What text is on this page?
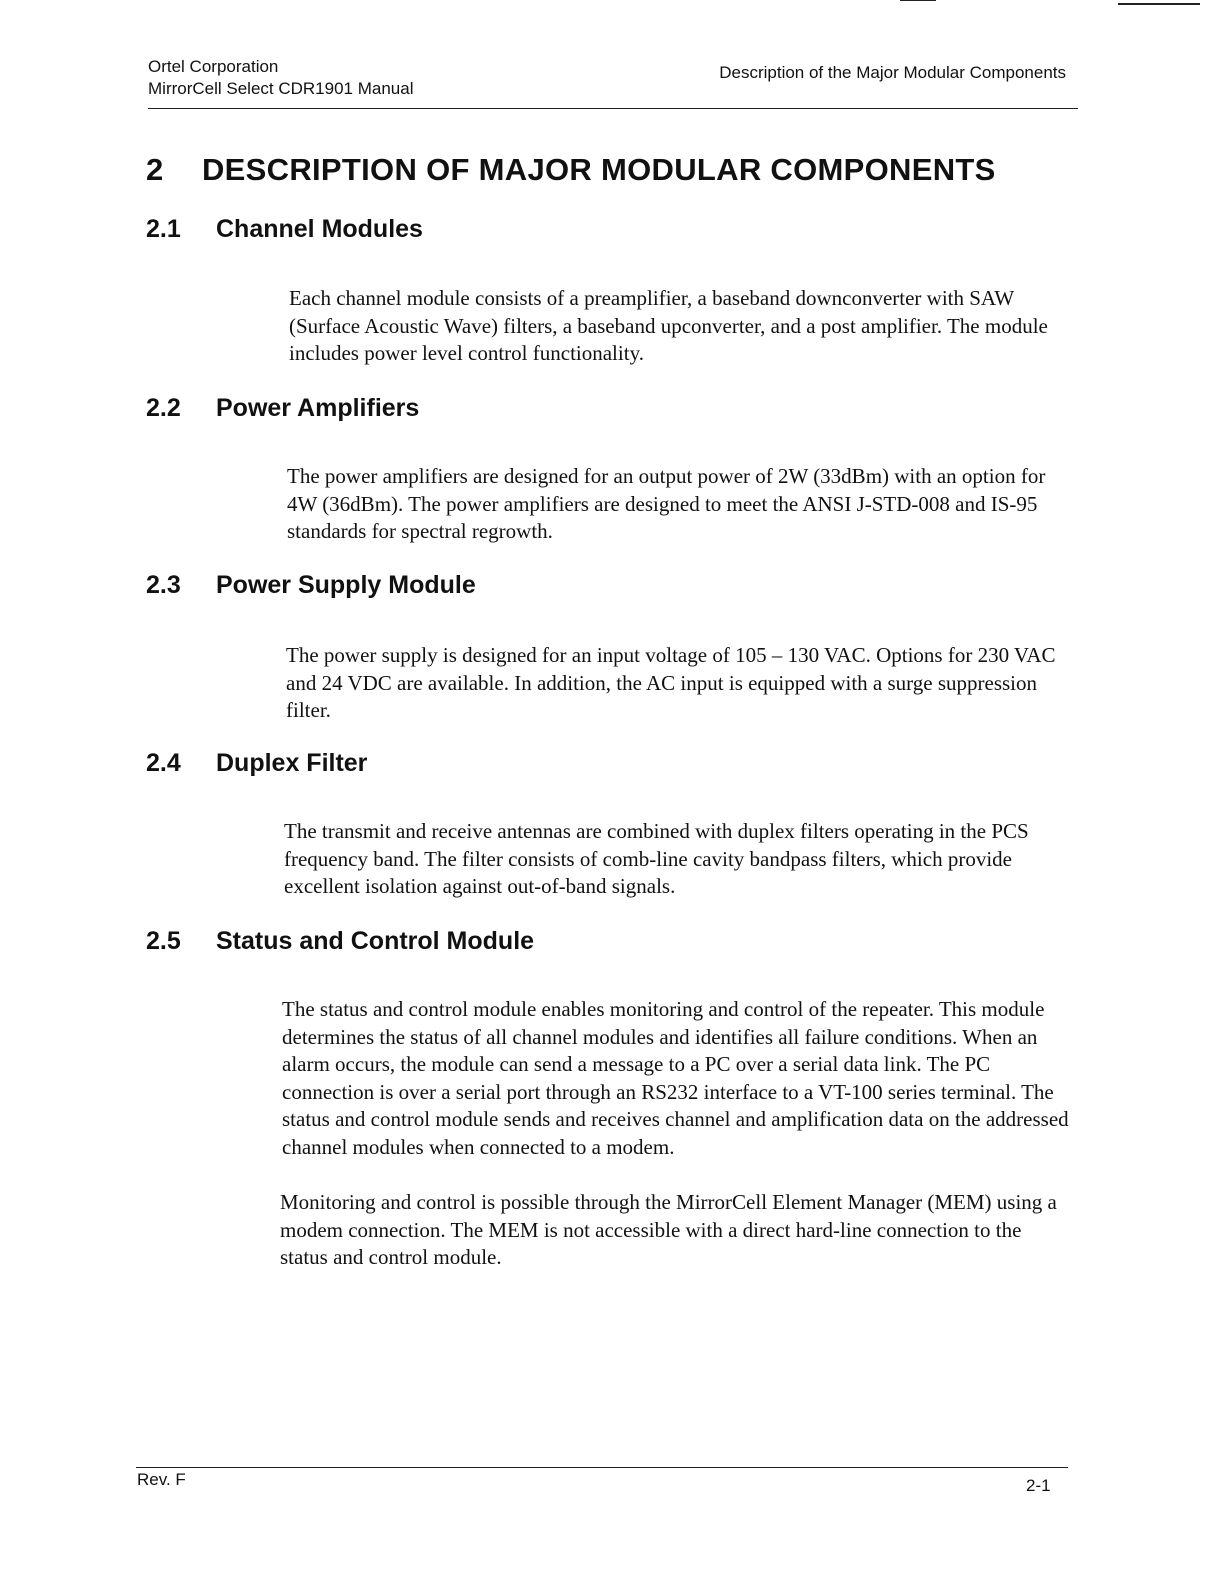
Ortel Corporation
MirrorCell Select CDR1901 Manual
Description of the Major Modular Components
2 DESCRIPTION OF MAJOR MODULAR COMPONENTS
2.1 Channel Modules

Each channel module consists of a preamplifier, a baseband downconverter with SAW (Surface Acoustic Wave) filters, a baseband upconverter, and a post amplifier. The module includes power level control functionality.

2.2 Power Amplifiers

The power amplifiers are designed for an output power of 2W (33dBm) with an option for 4W (36dBm). The power amplifiers are designed to meet the ANSI J-STD-008 and IS-95 standards for spectral regrowth.

2.3 Power Supply Module

The power supply is designed for an input voltage of 105 – 130 VAC. Options for 230 VAC and 24 VDC are available. In addition, the AC input is equipped with a surge suppression filter.

2.4 Duplex Filter

The transmit and receive antennas are combined with duplex filters operating in the PCS frequency band. The filter consists of comb-line cavity bandpass filters, which provide excellent isolation against out-of-band signals.

2.5 Status and Control Module

The status and control module enables monitoring and control of the repeater. This module determines the status of all channel modules and identifies all failure conditions. When an alarm occurs, the module can send a message to a PC over a serial data link. The PC connection is over a serial port through an RS232 interface to a VT-100 series terminal. The status and control module sends and receives channel and amplification data on the addressed channel modules when connected to a modem.

Monitoring and control is possible through the MirrorCell Element Manager (MEM) using a modem connection. The MEM is not accessible with a direct hard-line connection to the status and control module.

Rev. F	2-1
